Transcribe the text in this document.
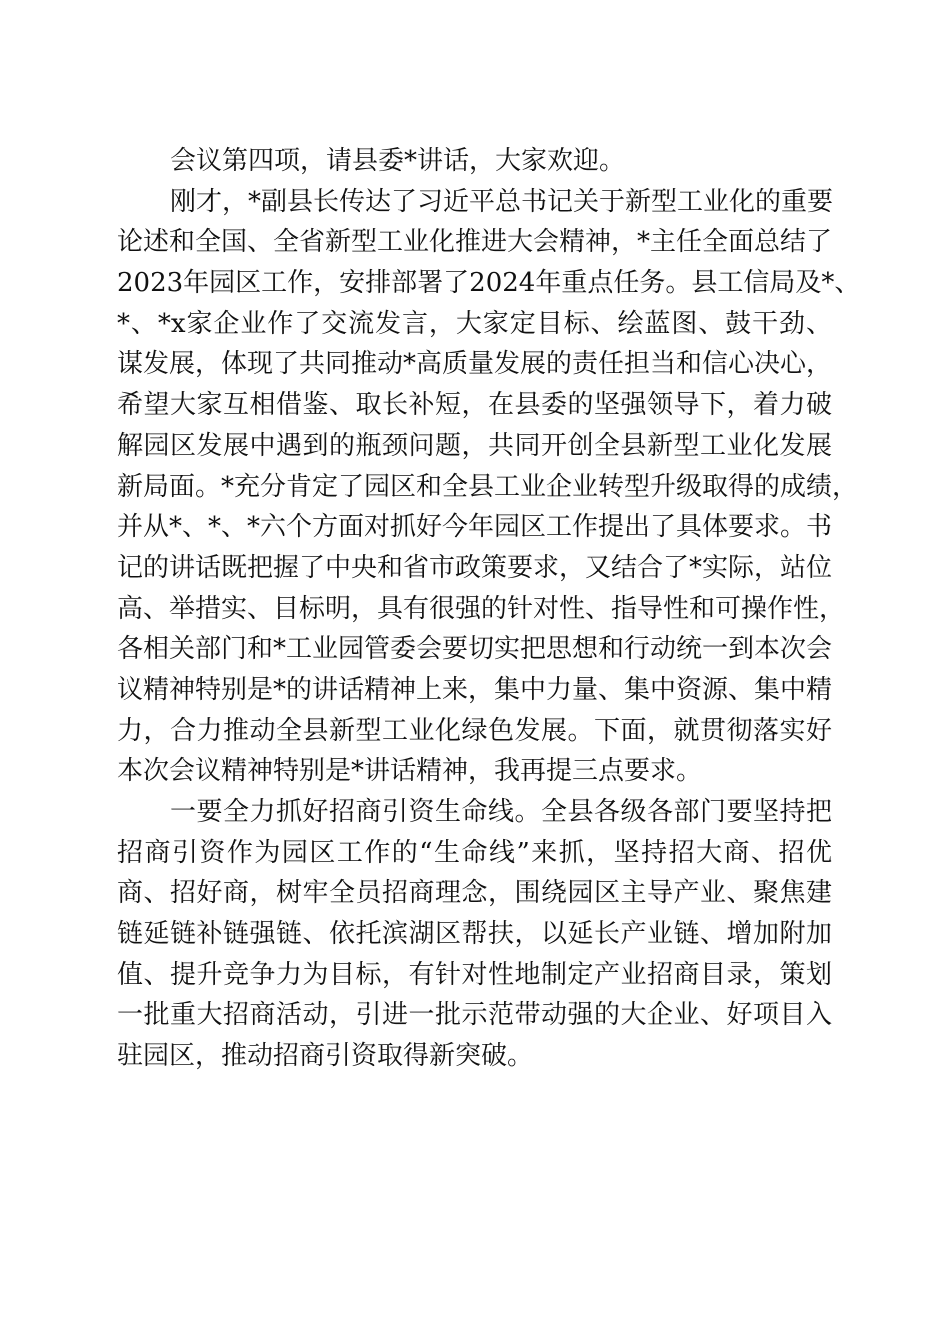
会议第四项，请县委*讲话，大家欢迎。
刚才，*副县长传达了习近平总书记关于新型工业化的重要
论述和全国、全省新型工业化推进大会精神，*主任全面总结了
2023年园区工作，安排部署了2024年重点任务。县工信局及*、
*、*x家企业作了交流发言，大家定目标、绘蓝图、鼓干劲、
谋发展，体现了共同推动*高质量发展的责任担当和信心决心，
希望大家互相借鉴、取长补短，在县委的坚强领导下，着力破
解园区发展中遇到的瓶颈问题，共同开创全县新型工业化发展
新局面。*充分肯定了园区和全县工业企业转型升级取得的成绩，
并从*、*、*六个方面对抓好今年园区工作提出了具体要求。书
记的讲话既把握了中央和省市政策要求，又结合了*实际，站位
高、举措实、目标明，具有很强的针对性、指导性和可操作性，
各相关部门和*工业园管委会要切实把思想和行动统一到本次会
议精神特别是*的讲话精神上来，集中力量、集中资源、集中精
力，合力推动全县新型工业化绿色发展。下面，就贯彻落实好
本次会议精神特别是*讲话精神，我再提三点要求。
一要全力抓好招商引资生命线。全县各级各部门要坚持把
招商引资作为园区工作的“生命线”来抓，坚持招大商、招优
商、招好商，树牢全员招商理念，围绕园区主导产业、聚焦建
链延链补链强链、依托滨湖区帮扶，以延长产业链、增加附加
值、提升竞争力为目标，有针对性地制定产业招商目录，策划
一批重大招商活动，引进一批示范带动强的大企业、好项目入
驻园区，推动招商引资取得新突破。
